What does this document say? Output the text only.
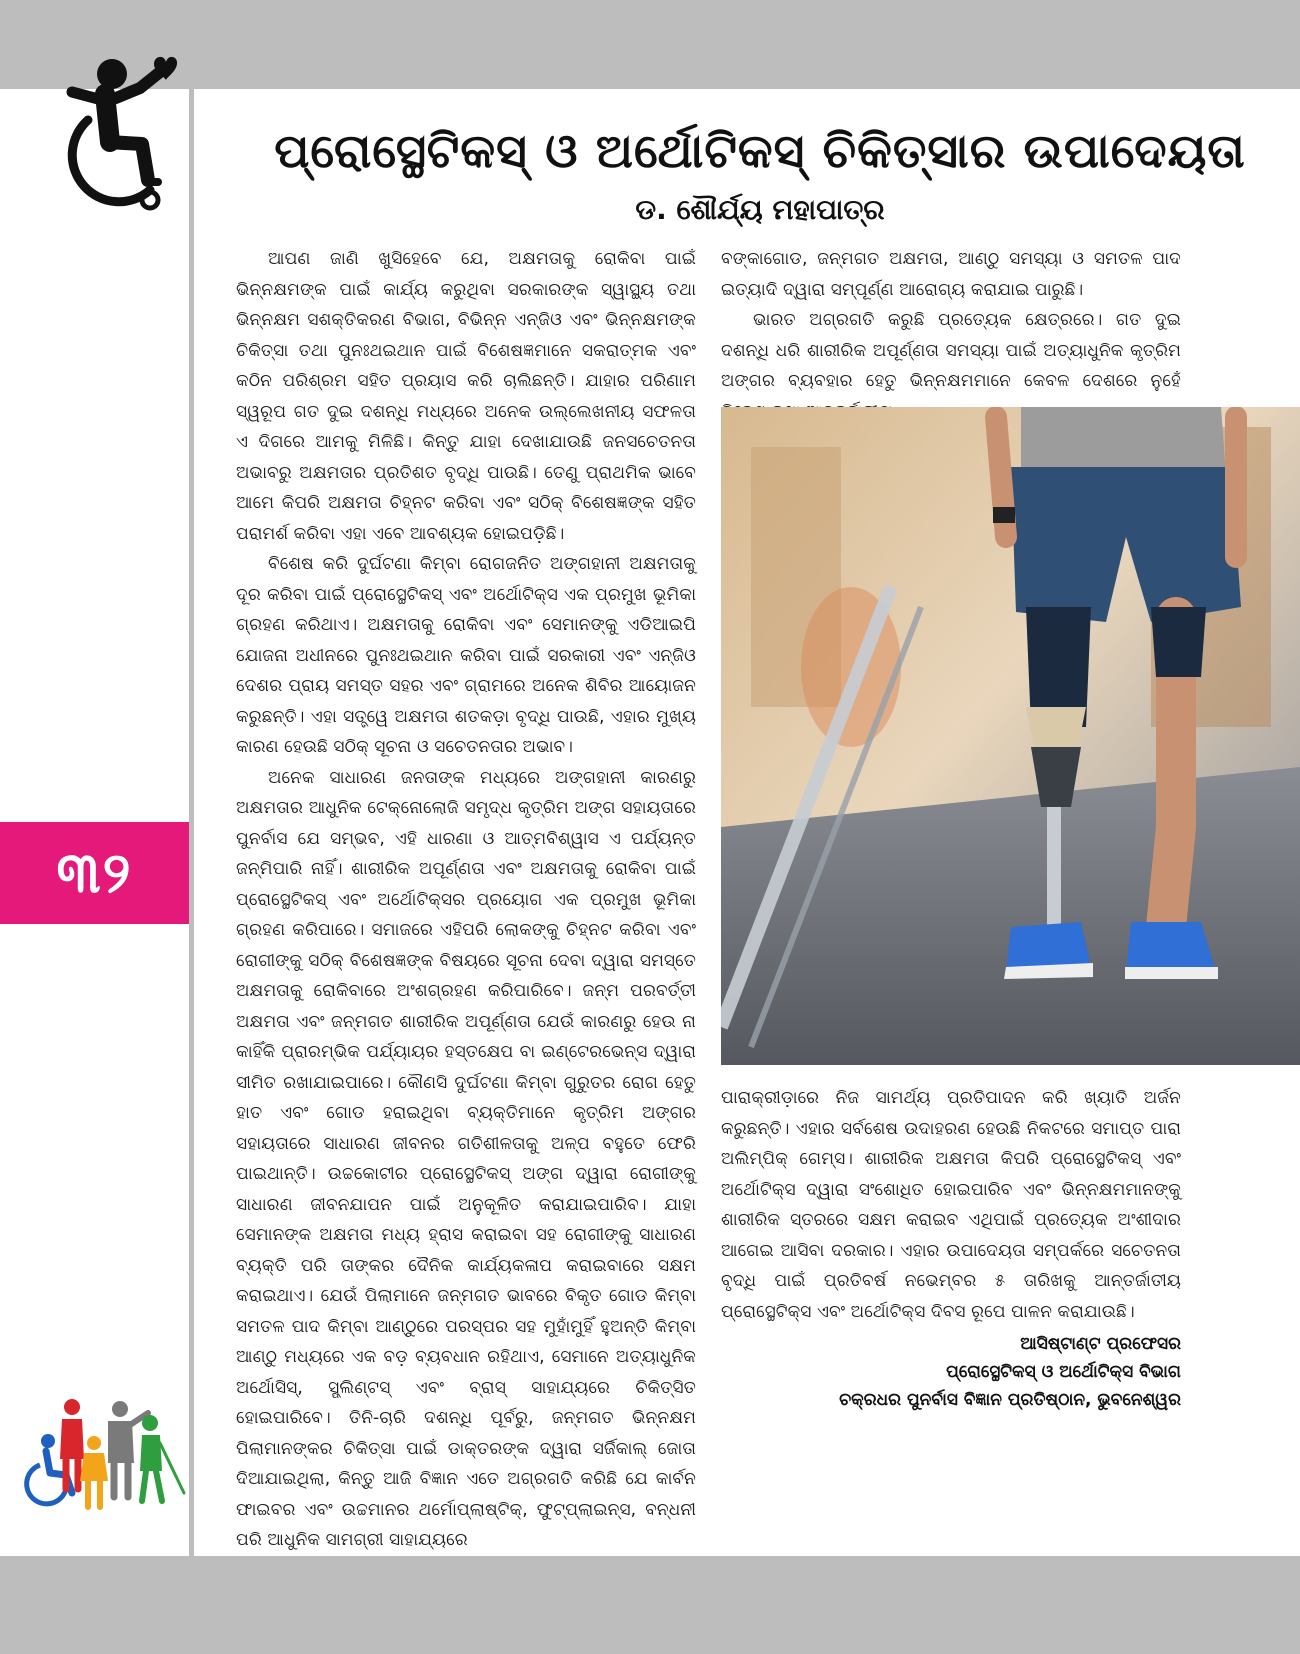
୩୨
ପ୍ରୋସ୍ଥେଟିକସ୍ ଓ ଅର୍ଥୋଟିକସ୍ ଚିକିତ୍ସାର ଉପାଦେୟତା
ଡ. ଶୌର୍ଯ୍ୟ ମହାପାତ୍ର

ଆପଣ ଜାଣି ଖୁସିହେବେ ଯେ, ଅକ୍ଷମତାକୁ ରୋକିବା ପାଇଁ ଭିନ୍ନକ୍ଷମଙ୍କ ପାଇଁ କାର୍ଯ୍ୟ କରୁଥିବା ସରକାରଙ୍କ ସ୍ୱାସ୍ଥ୍ୟ ତଥା ଭିନ୍ନକ୍ଷମ ସଶକ୍ତିକରଣ ବିଭାଗ, ବିଭିନ୍ନ ଏନ୍‌ଜିଓ ଏବଂ ଭିନ୍ନକ୍ଷମଙ୍କ ଚିକିତ୍ସା ତଥା ପୁନଃଥଇଥାନ ପାଇଁ ବିଶେଷଜ୍ଞମାନେ ସକରାତ୍ମକ ଏବଂ କଠିନ ପରିଶ୍ରମ ସହିତ ପ୍ରୟାସ କରି ଚାଲିଛନ୍ତି। ଯାହାର ପରିଣାମ ସ୍ୱରୂପ ଗତ ଦୁଇ ଦଶନ୍ଧି ମଧ୍ୟରେ ଅନେକ ଉଲ୍ଲେଖନୀୟ ସଫଳତା ଏ ଦିଗରେ ଆମକୁ ମିଳିଛି। କିନ୍ତୁ ଯାହା ଦେଖାଯାଉଛି ଜନସଚେତନତା ଅଭାବରୁ ଅକ୍ଷମତାର ପ୍ରତିଶତ ବୃଦ୍ଧି ପାଉଛି। ତେଣୁ ପ୍ରାଥମିକ ଭାବେ ଆମେ କିପରି ଅକ୍ଷମତା ଚିହ୍ନଟ କରିବା ଏବଂ ସଠିକ୍ ବିଶେଷଜ୍ଞଙ୍କ ସହିତ ପରାମର୍ଶ କରିବା ଏହା ଏବେ ଆବଶ୍ୟକ ହୋଇପଡ଼ିଛି।

ବିଶେଷ କରି ଦୁର୍ଘଟଣା କିମ୍ବା ରୋଗଜନିତ ଅଙ୍ଗହାନୀ ଅକ୍ଷମତାକୁ ଦୂର କରିବା ପାଇଁ ପ୍ରୋସ୍ଥେଟିକସ୍ ଏବଂ ଅର୍ଥୋଟିକ୍ସ ଏକ ପ୍ରମୁଖ ଭୂମିକା ଗ୍ରହଣ କରିଥାଏ। ଅକ୍ଷମତାକୁ ରୋକିବା ଏବଂ ସେମାନଙ୍କୁ ଏଡିଆଇପି ଯୋଜନା ଅଧୀନରେ ପୁନଃଥଇଥାନ କରିବା ପାଇଁ ସରକାରୀ ଏବଂ ଏନ୍‌ଜିଓ ଦେଶର ପ୍ରାୟ ସମସ୍ତ ସହର ଏବଂ ଗ୍ରାମରେ ଅନେକ ଶିବିର ଆୟୋଜନ କରୁଛନ୍ତି। ଏହା ସତ୍ତ୍ୱେ ଅକ୍ଷମତା ଶତକଡ଼ା ବୃଦ୍ଧି ପାଉଛି, ଏହାର ମୁଖ୍ୟ କାରଣ ହେଉଛି ସଠିକ୍ ସୂଚନା ଓ ସଚେତନତାର ଅଭାବ।

ଅନେକ ସାଧାରଣ ଜନତାଙ୍କ ମଧ୍ୟରେ ଅଙ୍ଗହାନୀ କାରଣରୁ ଅକ୍ଷମତାର ଆଧୁନିକ ଟେକ୍ନୋଲୋଜି ସମୃଦ୍ଧ କୃତ୍ରିମ ଅଙ୍ଗ ସହାୟତାରେ ପୁନର୍ବାସ ଯେ ସମ୍ଭବ, ଏହି ଧାରଣା ଓ ଆତ୍ମବିଶ୍ୱାସ ଏ ପର୍ଯ୍ୟନ୍ତ ଜନ୍ମିପାରି ନାହିଁ। ଶାରୀରିକ ଅପୂର୍ଣ୍ଣତା ଏବଂ ଅକ୍ଷମତାକୁ ରୋକିବା ପାଇଁ ପ୍ରୋସ୍ଥେଟିକସ୍ ଏବଂ ଅର୍ଥୋଟିକ୍ସର ପ୍ରୟୋଗ ଏକ ପ୍ରମୁଖ ଭୂମିକା ଗ୍ରହଣ କରିପାରେ। ସମାଜରେ ଏହିପରି ଲୋକଙ୍କୁ ଚିହ୍ନଟ କରିବା ଏବଂ ରୋଗୀଙ୍କୁ ସଠିକ୍ ବିଶେଷଜ୍ଞଙ୍କ ବିଷୟରେ ସୂଚନା ଦେବା ଦ୍ୱାରା ସମସ୍ତେ ଅକ୍ଷମତାକୁ ରୋକିବାରେ ଅଂଶଗ୍ରହଣ କରିପାରିବେ। ଜନ୍ମ ପରବର୍ତ୍ତୀ ଅକ୍ଷମତା ଏବଂ ଜନ୍ମଗତ ଶାରୀରିକ ଅପୂର୍ଣ୍ଣତା ଯେଉଁ କାରଣରୁ ହେଉ ନା କାହିଁକି ପ୍ରାରମ୍ଭିକ ପର୍ଯ୍ୟାୟର ହସ୍ତକ୍ଷେପ ବା ଇଣ୍ଟେରଭେନ୍ସ ଦ୍ୱାରା ସୀମିତ ରଖାଯାଇପାରେ। କୌଣସି ଦୁର୍ଘଟଣା କିମ୍ବା ଗୁରୁତର ରୋଗ ହେତୁ ହାତ ଏବଂ ଗୋଡ ହରାଇଥିବା ବ୍ୟକ୍ତିମାନେ କୃତ୍ରିମ ଅଙ୍ଗର ସହାୟତାରେ ସାଧାରଣ ଜୀବନର ଗତିଶୀଳତାକୁ ଅଳ୍ପ ବହୁତେ ଫେରି ପାଇଥାନ୍ତି। ଉଚ୍ଚକୋଟୀର ପ୍ରୋସ୍ଥେଟିକସ୍ ଅଙ୍ଗ ଦ୍ୱାରା ରୋଗୀଙ୍କୁ ସାଧାରଣ ଜୀବନଯାପନ ପାଇଁ ଅନୁକୂଳିତ କରାଯାଇପାରିବ। ଯାହା ସେମାନଙ୍କ ଅକ୍ଷମତା ମଧ୍ୟ ହ୍ରାସ କରାଇବା ସହ ରୋଗୀଙ୍କୁ ସାଧାରଣ ବ୍ୟକ୍ତି ପରି ତାଙ୍କର ଦୈନିକ କାର୍ଯ୍ୟକଳାପ କରାଇବାରେ ସକ୍ଷମ କରାଇଥାଏ। ଯେଉଁ ପିଲାମାନେ ଜନ୍ମଗତ ଭାବରେ ବିକୃତ ଗୋଡ କିମ୍ବା ସମତଳ ପାଦ କିମ୍ବା ଆଣ୍ଠୁରେ ପରସ୍ପର ସହ ମୁହାଁମୁହିଁ ହୁଅନ୍ତି କିମ୍ବା ଆଣ୍ଠୁ ମଧ୍ୟରେ ଏକ ବଡ଼ ବ୍ୟବଧାନ ରହିଥାଏ, ସେମାନେ ଅତ୍ୟାଧୁନିକ ଅର୍ଥୋସିସ୍, ସ୍ପ୍ଲିଣ୍ଟସ୍ ଏବଂ ବ୍ରାସ୍ ସାହାଯ୍ୟରେ ଚିକିତ୍ସିତ ହୋଇପାରିବେ। ତିନି-ଚାରି ଦଶନ୍ଧି ପୂର୍ବରୁ, ଜନ୍ମଗତ ଭିନ୍ନକ୍ଷମ ପିଲାମାନଙ୍କର ଚିକିତ୍ସା ପାଇଁ ଡାକ୍ତରଙ୍କ ଦ୍ୱାରା ସର୍ଜିକାଲ୍ ଜୋତା ଦିଆଯାଇଥିଲା, କିନ୍ତୁ ଆଜି ବିଜ୍ଞାନ ଏତେ ଅଗ୍ରଗତି କରିଛି ଯେ କାର୍ବନ ଫାଇବର ଏବଂ ଉଚ୍ଚମାନର ଥର୍ମୋପ୍ଲାଷ୍ଟିକ୍, ଫୁଟ୍‌ପ୍ଲାଇନ୍ସ, ବନ୍ଧନୀ ପରି ଆଧୁନିକ ସାମଗ୍ରୀ ସାହାଯ୍ୟରେ

ବଙ୍କାଗୋଡ, ଜନ୍ମଗତ ଅକ୍ଷମତା, ଆଣ୍ଠୁ ସମସ୍ୟା ଓ ସମତଳ ପାଦ ଇତ୍ୟାଦି ଦ୍ୱାରା ସମ୍ପୂର୍ଣ୍ଣ ଆରୋଗ୍ୟ କରାଯାଇ ପାରୁଛି।

ଭାରତ ଅଗ୍ରଗତି କରୁଛି ପ୍ରତ୍ୟେକ କ୍ଷେତ୍ରରେ। ଗତ ଦୁଇ ଦଶନ୍ଧି ଧରି ଶାରୀରିକ ଅପୂର୍ଣ୍ଣତା ସମସ୍ୟା ପାଇଁ ଅତ୍ୟାଧୁନିକ କୃତ୍ରିମ ଅଙ୍ଗର ବ୍ୟବହାର ହେତୁ ଭିନ୍ନକ୍ଷମମାନେ କେବଳ ଦେଶରେ ନୁହେଁ

ପାରାକ୍ରୀଡ଼ାରେ ନିଜ ସାମର୍ଥ୍ୟ ପ୍ରତିପାଦନ କରି ଖ୍ୟାତି ଅର୍ଜନ କରୁଛନ୍ତି। ଏହାର ସର୍ବଶେଷ ଉଦାହରଣ ହେଉଛି ନିକଟରେ ସମାପ୍ତ ପାରା ଅଲିମ୍ପିକ୍ ଗେମ୍ସ। ଶାରୀରିକ ଅକ୍ଷମତା କିପରି ପ୍ରୋସ୍ଥେଟିକସ୍ ଏବଂ ଅର୍ଥୋଟିକ୍ସ ଦ୍ୱାରା ସଂଶୋଧିତ ହୋଇପାରିବ ଏବଂ ଭିନ୍ନକ୍ଷମମାନଙ୍କୁ ଶାରୀରିକ ସ୍ତରରେ ସକ୍ଷମ କରାଇବ ଏଥିପାଇଁ ପ୍ରତ୍ୟେକ ଅଂଶୀଦାର ଆଗେଇ ଆସିବା ଦରକାର। ଏହାର ଉପାଦେୟତା ସମ୍ପର୍କରେ ସଚେତନତା ବୃଦ୍ଧି ପାଇଁ ପ୍ରତିବର୍ଷ ନଭେମ୍ବର ୫ ତାରିଖକୁ ଆନ୍ତର୍ଜାତୀୟ ପ୍ରୋସ୍ଥେଟିକ୍ସ ଏବଂ ଅର୍ଥୋଟିକ୍ସ ଦିବସ ରୂପେ ପାଳନ କରାଯାଉଛି।

ଆସିଷ୍ଟାଣ୍ଟ ପ୍ରଫେସର
ପ୍ରୋସ୍ଥେଟିକସ୍ ଓ ଅର୍ଥୋଟିକ୍ସ ବିଭାଗ
ଚକ୍ରଧର ପୁନର୍ବାସ ବିଜ୍ଞାନ ପ୍ରତିଷ୍ଠାନ, ଭୁବନେଶ୍ୱର
